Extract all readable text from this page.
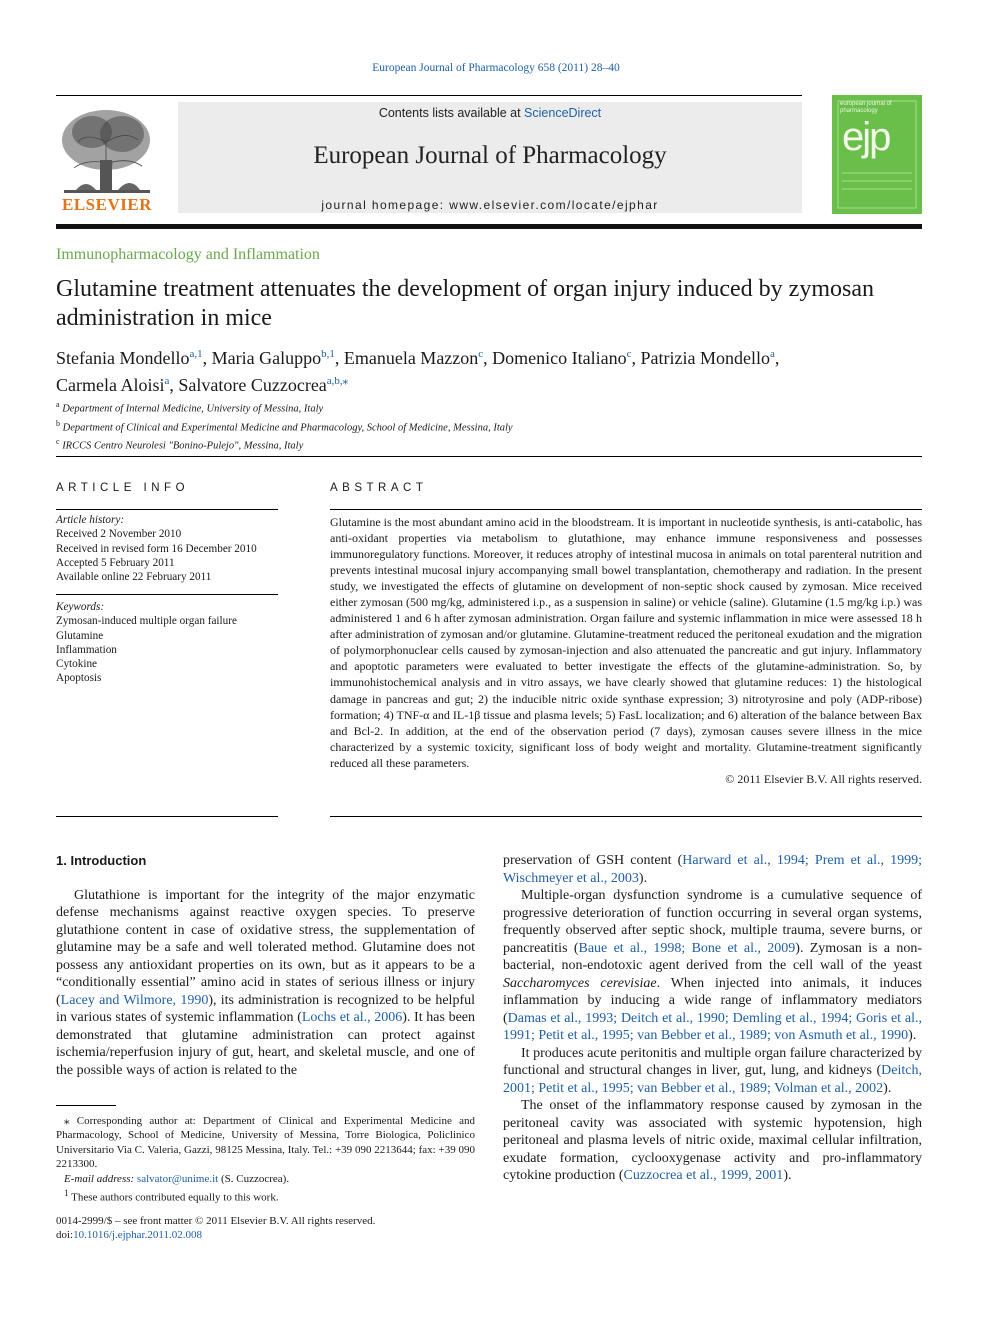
European Journal of Pharmacology 658 (2011) 28–40
ELSEVIER
Contents lists available at ScienceDirect
European Journal of Pharmacology
journal homepage: www.elsevier.com/locate/ejphar
european journal of pharmacology
ejp
Immunopharmacology and Inflammation
Glutamine treatment attenuates the development of organ injury induced by zymosan administration in mice
Stefania Mondello$^{a,1}$, Maria Galuppo$^{b,1}$, Emanuela Mazzon$^c$, Domenico Italiano$^c$, Patrizia Mondello$^a$,
Carmela Aloisi$^a$, Salvatore Cuzzocrea$^{a,b,⁎}$
$^a$ Department of Internal Medicine, University of Messina, Italy
$^b$ Department of Clinical and Experimental Medicine and Pharmacology, School of Medicine, Messina, Italy
$^c$ IRCCS Centro Neurolesi "Bonino-Pulejo", Messina, Italy
ARTICLE INFO	ABSTRACT
Article history:
Received 2 November 2010
Received in revised form 16 December 2010
Accepted 5 February 2011
Available online 22 February 2011
Keywords:
Zymosan-induced multiple organ failure
Glutamine
Inflammation
Cytokine
Apoptosis
Glutamine is the most abundant amino acid in the bloodstream. It is important in nucleotide synthesis, is anti-catabolic, has anti-oxidant properties via metabolism to glutathione, may enhance immune responsiveness and possesses immunoregulatory functions. Moreover, it reduces atrophy of intestinal mucosa in animals on total parenteral nutrition and prevents intestinal mucosal injury accompanying small bowel transplantation, chemotherapy and radiation. In the present study, we investigated the effects of glutamine on development of non-septic shock caused by zymosan. Mice received either zymosan (500 mg/kg, administered i.p., as a suspension in saline) or vehicle (saline). Glutamine (1.5 mg/kg i.p.) was administered 1 and 6 h after zymosan administration. Organ failure and systemic inflammation in mice were assessed 18 h after administration of zymosan and/or glutamine. Glutamine-treatment reduced the peritoneal exudation and the migration of polymorphonuclear cells caused by zymosan-injection and also attenuated the pancreatic and gut injury. Inflammatory and apoptotic parameters were evaluated to better investigate the effects of the glutamine-administration. So, by immunohistochemical analysis and in vitro assays, we have clearly showed that glutamine reduces: 1) the histological damage in pancreas and gut; 2) the inducible nitric oxide synthase expression; 3) nitrotyrosine and poly (ADP-ribose) formation; 4) TNF-α and IL-1β tissue and plasma levels; 5) FasL localization; and 6) alteration of the balance between Bax and Bcl-2. In addition, at the end of the observation period (7 days), zymosan causes severe illness in the mice characterized by a systemic toxicity, significant loss of body weight and mortality. Glutamine-treatment significantly reduced all these parameters.
© 2011 Elsevier B.V. All rights reserved.

1. Introduction

Glutathione is important for the integrity of the major enzymatic defense mechanisms against reactive oxygen species. To preserve glutathione content in case of oxidative stress, the supplementation of glutamine may be a safe and well tolerated method. Glutamine does not possess any antioxidant properties on its own, but as it appears to be a “conditionally essential” amino acid in states of serious illness or injury (Lacey and Wilmore, 1990), its administration is recognized to be helpful in various states of systemic inflammation (Lochs et al., 2006). It has been demonstrated that glutamine administration can protect against ischemia/reperfusion injury of gut, heart, and skeletal muscle, and one of the possible ways of action is related to the

⁎ Corresponding author at: Department of Clinical and Experimental Medicine and Pharmacology, School of Medicine, University of Messina, Torre Biologica, Policlinico Universitario Via C. Valeria, Gazzi, 98125 Messina, Italy. Tel.: +39 090 2213644; fax: +39 090 2213300.

E-mail address: salvator@unime.it (S. Cuzzocrea).

$^1$ These authors contributed equally to this work.

0014-2999/$ – see front matter © 2011 Elsevier B.V. All rights reserved.
doi:10.1016/j.ejphar.2011.02.008

preservation of GSH content (Harward et al., 1994; Prem et al., 1999; Wischmeyer et al., 2003).

Multiple-organ dysfunction syndrome is a cumulative sequence of progressive deterioration of function occurring in several organ systems, frequently observed after septic shock, multiple trauma, severe burns, or pancreatitis (Baue et al., 1998; Bone et al., 2009). Zymosan is a non-bacterial, non-endotoxic agent derived from the cell wall of the yeast Saccharomyces cerevisiae. When injected into animals, it induces inflammation by inducing a wide range of inflammatory mediators (Damas et al., 1993; Deitch et al., 1990; Demling et al., 1994; Goris et al., 1991; Petit et al., 1995; van Bebber et al., 1989; von Asmuth et al., 1990).

It produces acute peritonitis and multiple organ failure characterized by functional and structural changes in liver, gut, lung, and kidneys (Deitch, 2001; Petit et al., 1995; van Bebber et al., 1989; Volman et al., 2002).

The onset of the inflammatory response caused by zymosan in the peritoneal cavity was associated with systemic hypotension, high peritoneal and plasma levels of nitric oxide, maximal cellular infiltration, exudate formation, cyclooxygenase activity and pro-inflammatory cytokine production (Cuzzocrea et al., 1999, 2001).
